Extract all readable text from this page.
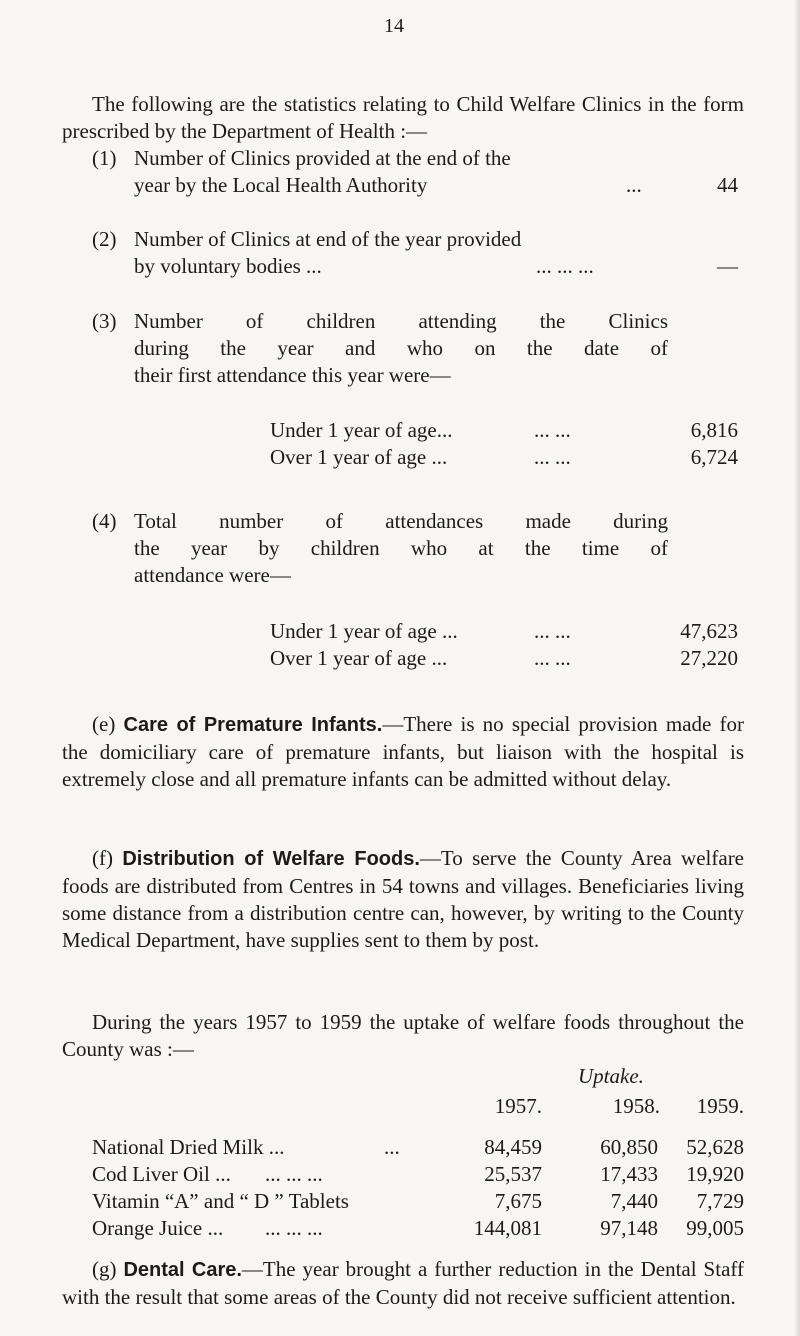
14
The following are the statistics relating to Child Welfare Clinics in the form prescribed by the Department of Health :—
(1) Number of Clinics provided at the end of the
year by the Local Health Authority	...	44
(2) Number of Clinics at end of the year provided
by voluntary bodies ...	... ... ...	—
(3) Number of children attending the Clinics
during the year and who on the date of
their first attendance this year were—
Under 1 year of age...	... ...	6,816
Over 1 year of age ...	... ...	6,724
(4) Total number of attendances made during
the year by children who at the time of
attendance were—
Under 1 year of age ...	... ...	47,623
Over 1 year of age ...	... ...	27,220
(e) Care of Premature Infants.—There is no special provision made for the domiciliary care of premature infants, but liaison with the hospital is extremely close and all premature infants can be admitted without delay.
(f) Distribution of Welfare Foods.—To serve the County Area welfare foods are distributed from Centres in 54 towns and villages. Beneficiaries living some distance from a distribution centre can, however, by writing to the County Medical Department, have supplies sent to them by post.
During the years 1957 to 1959 the uptake of welfare foods throughout the County was :—
Uptake.
1957.	1958.	1959.
National Dried Milk ...	...	84,459	60,850	52,628
Cod Liver Oil ... ... ... ...	25,537	17,433	19,920
Vitamin “A” and “ D ” Tablets	7,675	7,440	7,729
Orange Juice ... ... ... ...	144,081	97,148	99,005
(g) Dental Care.—The year brought a further reduction in the Dental Staff with the result that some areas of the County did not receive sufficient attention.
